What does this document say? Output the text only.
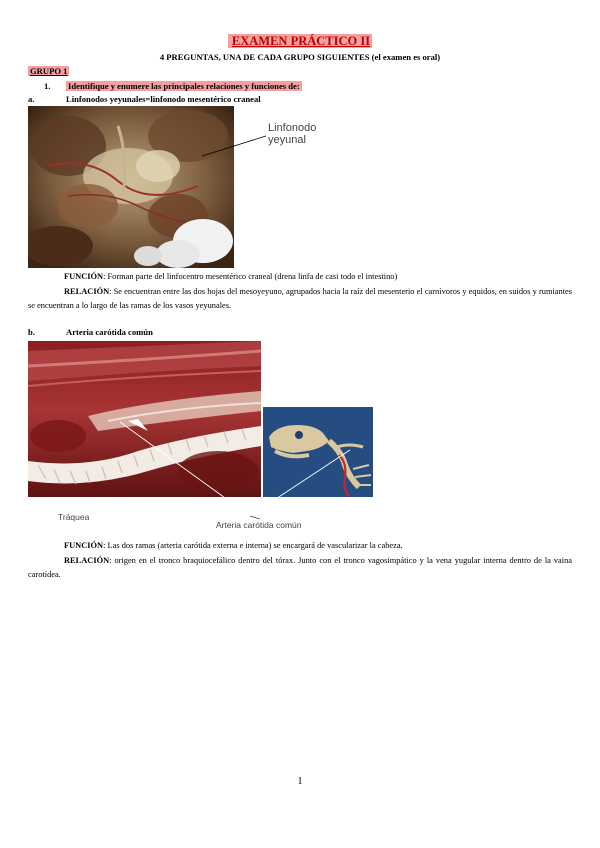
EXAMEN PRÁCTICO II
4 PREGUNTAS, UNA DE CADA GRUPO SIGUIENTES (el examen es oral)
GRUPO 1
1. Identifique y enumere las principales relaciones y funciones de:
a.	Linfonodos yeyunales=linfonodo mesentérico craneal
Linfonodo
yeyunal
FUNCIÓN: Forman parte del linfocentro mesentérico craneal (drena linfa de casi todo el intestino)
RELACIÓN: Se encuentran entre las dos hojas del mesoyeyuno, agrupados hacia la raíz del mesenterio el carnívoros y equidos, en suidos y rumiantes se encuentran a lo largo de las ramas de los vasos yeyunales.
b.	Arteria carótida común
Tráquea
Arteria carótida común
FUNCIÓN: Las dos ramas (arteria carótida externa e interna) se encargará de vascularizar la cabeza.
RELACIÓN: origen en el tronco braquiocefálico dentro del tórax. Junto con el tronco vagosimpático y la vena yugular interna dentro de la vaina carotídea.
1
